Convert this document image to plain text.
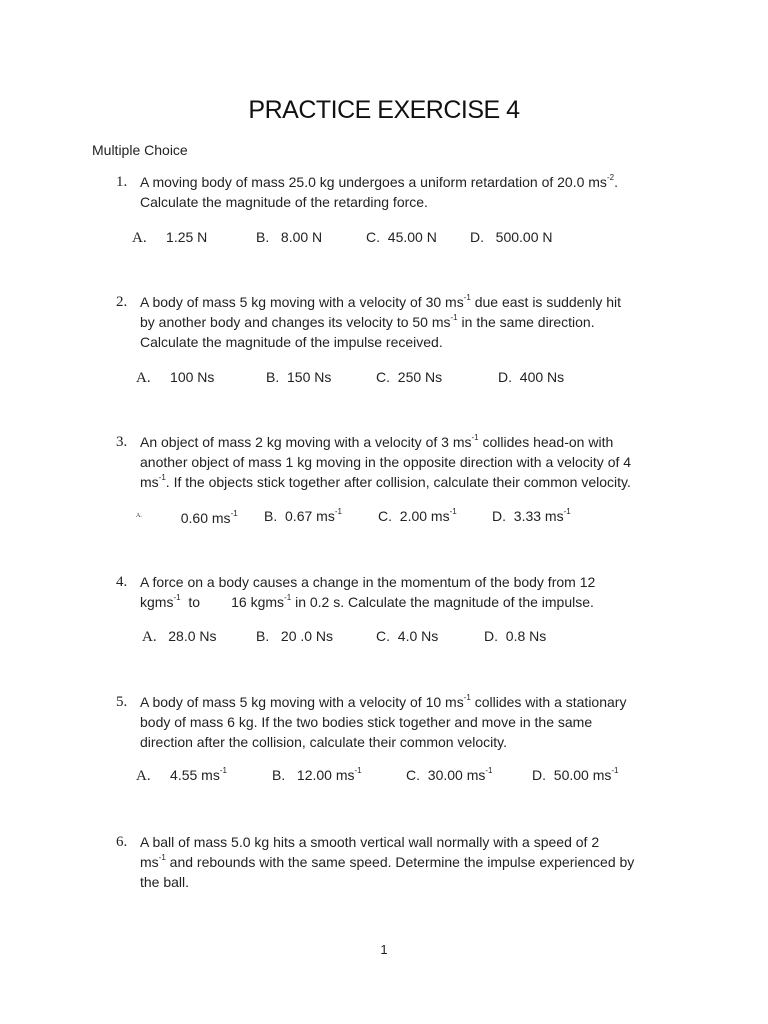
PRACTICE EXERCISE 4
Multiple Choice
1. A moving body of mass 25.0 kg undergoes a uniform retardation of 20.0 $ms^{-2}$.
Calculate the magnitude of the retarding force.
A. 1.25 N	B. 8.00 N	C. 45.00 N D. 500.00 N
2. A body of mass 5 kg moving with a velocity of 30 $ms^{-1}$ due east is suddenly hit
by another body and changes its velocity to 50 $ms^{-1}$ in the same direction.
Calculate the magnitude of the impulse received.
A. 100 Ns	B. 150 Ns	C. 250 Ns	D. 400 Ns
3. An object of mass 2 kg moving with a velocity of 3 $ms^{-1}$ collides head-on with
another object of mass 1 kg moving in the opposite direction with a velocity of 4
$ms^{-1}$. If the objects stick together after collision, calculate their common velocity.
$^{A.}$	0.60 $ms^{-1}$ B. 0.67 $ms^{-1}$	C. 2.00 $ms^{-1}$	D. 3.33 $ms^{-1}$
4. A force on a body causes a change in the momentum of the body from 12
kgms$^{-1}$  to        16 kgms$^{-1}$ in 0.2 s. Calculate the magnitude of the impulse.
A. 28.0 Ns	B. 20 .0 Ns	C. 4.0 Ns	D. 0.8 Ns
5. A body of mass 5 kg moving with a velocity of 10 $ms^{-1}$ collides with a stationary
body of mass 6 kg. If the two bodies stick together and move in the same
direction after the collision, calculate their common velocity.
A. 4.55 $ms^{-1}$	B. 12.00 $ms^{-1}$	C. 30.00 $ms^{-1}$	D. 50.00 $ms^{-1}$
6. A ball of mass 5.0 kg hits a smooth vertical wall normally with a speed of 2
$ms^{-1}$ and rebounds with the same speed. Determine the impulse experienced by
the ball.
1
